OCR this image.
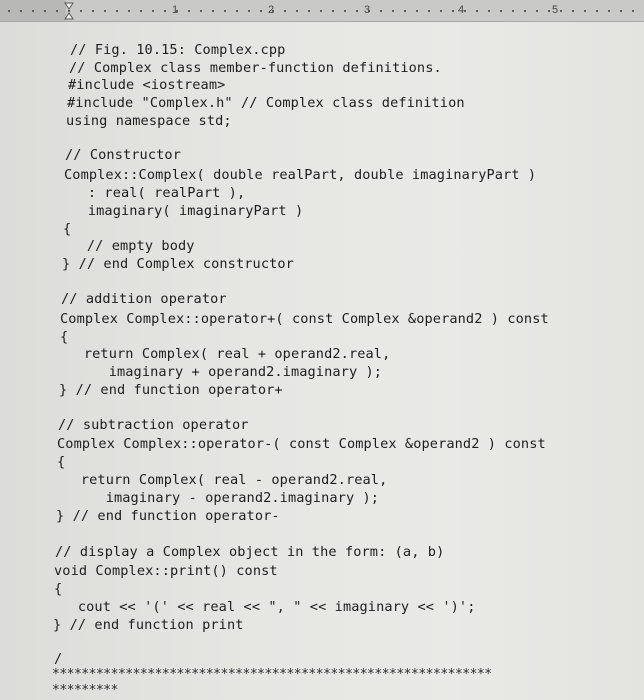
1	2	3	4	5
// Fig. 10.15: Complex.cpp
// Complex class member-function definitions.
#include <iostream>
#include "Complex.h" // Complex class definition
using namespace std;
// Constructor
Complex::Complex( double realPart, double imaginaryPart )
: real( realPart ),
imaginary( imaginaryPart )
{
// empty body
} // end Complex constructor
// addition operator
Complex Complex::operator+( const Complex &operand2 ) const
{
return Complex( real + operand2.real,
imaginary + operand2.imaginary );
} // end function operator+
// subtraction operator
Complex Complex::operator-( const Complex &operand2 ) const
{
return Complex( real - operand2.real,
imaginary - operand2.imaginary );
} // end function operator-
// display a Complex object in the form: (a, b)
void Complex::print() const
{
cout << '(' << real << ", " << imaginary << ')';
} // end function print
/
************************************************************
*********
